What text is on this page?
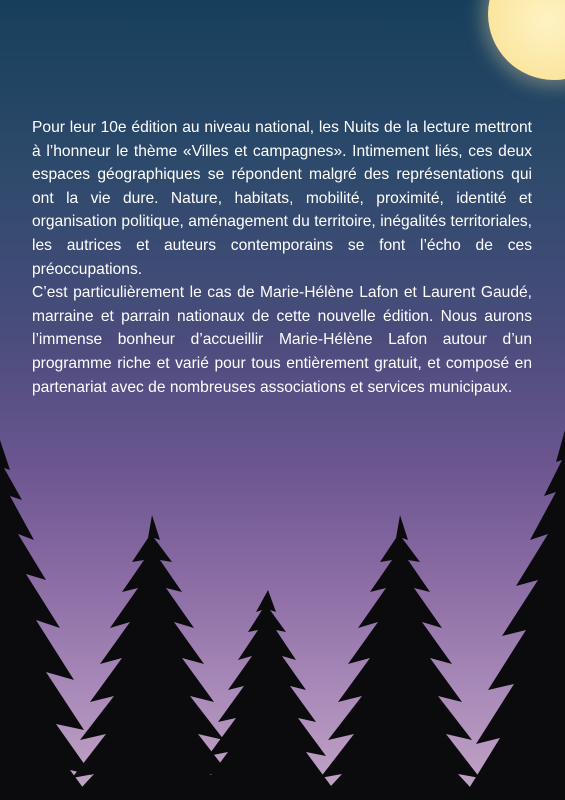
Pour leur 10e édition au niveau national, les Nuits de la lecture mettront à l’honneur le thème «Villes et campagnes». Intimement liés, ces deux espaces géographiques se répondent malgré des représentations qui ont la vie dure. Nature, habitats, mobilité, proximité, identité et organisation politique, aménagement du territoire, inégalités territoriales, les autrices et auteurs contemporains se font l’écho de ces préoccupations.

C’est particulièrement le cas de Marie-Hélène Lafon et Laurent Gaudé, marraine et parrain nationaux de cette nouvelle édition. Nous aurons l’immense bonheur d’accueillir Marie-Hélène Lafon autour d’un programme riche et varié pour tous entièrement gratuit, et composé en partenariat avec de nombreuses associations et services municipaux.
